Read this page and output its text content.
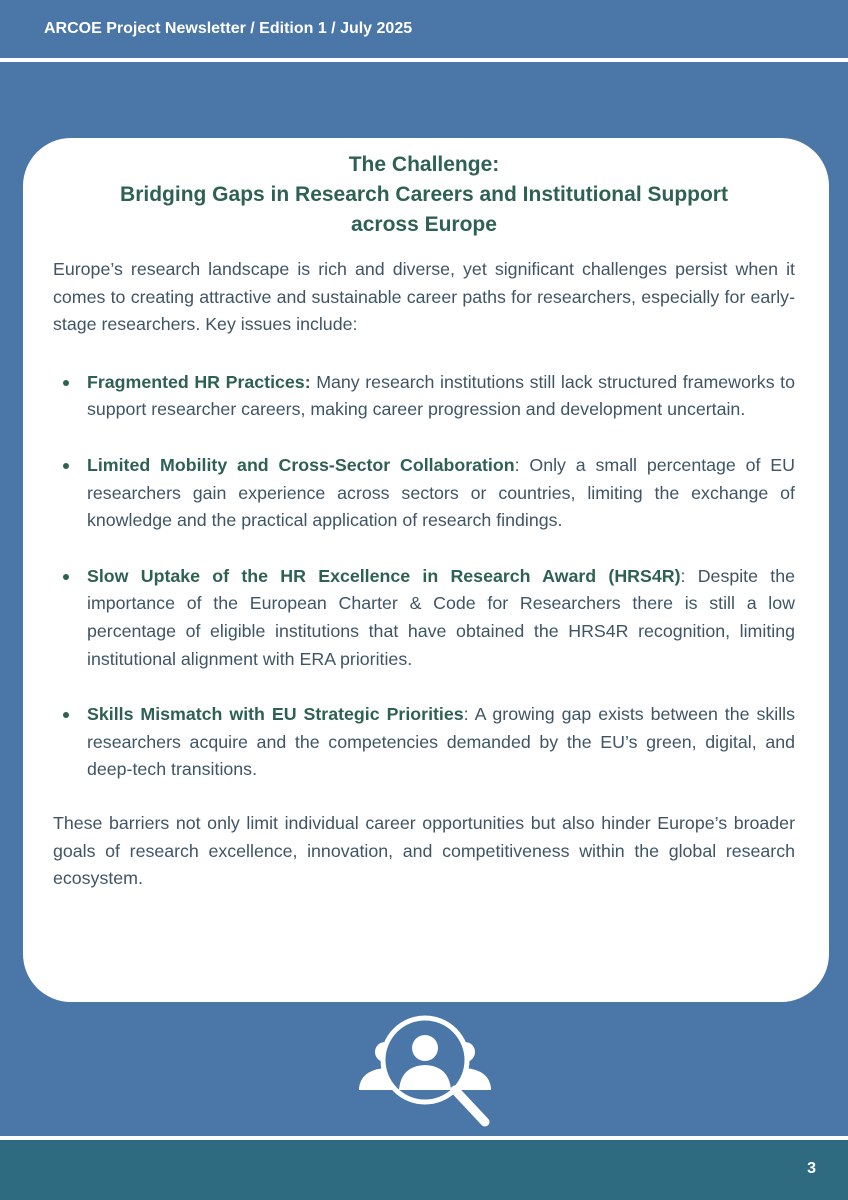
ARCOE Project Newsletter / Edition 1 / July 2025
The Challenge:
Bridging Gaps in Research Careers and Institutional Support
across Europe

Europe’s research landscape is rich and diverse, yet significant challenges persist when it comes to creating attractive and sustainable career paths for researchers, especially for early-stage researchers. Key issues include:

Fragmented HR Practices: Many research institutions still lack structured frameworks to support researcher careers, making career progression and development uncertain.
Limited Mobility and Cross-Sector Collaboration: Only a small percentage of EU researchers gain experience across sectors or countries, limiting the exchange of knowledge and the practical application of research findings.
Slow Uptake of the HR Excellence in Research Award (HRS4R): Despite the importance of the European Charter & Code for Researchers there is still a low percentage of eligible institutions that have obtained the HRS4R recognition, limiting institutional alignment with ERA priorities.
Skills Mismatch with EU Strategic Priorities: A growing gap exists between the skills researchers acquire and the competencies demanded by the EU’s green, digital, and deep-tech transitions.

These barriers not only limit individual career opportunities but also hinder Europe’s broader goals of research excellence, innovation, and competitiveness within the global research ecosystem.

3
